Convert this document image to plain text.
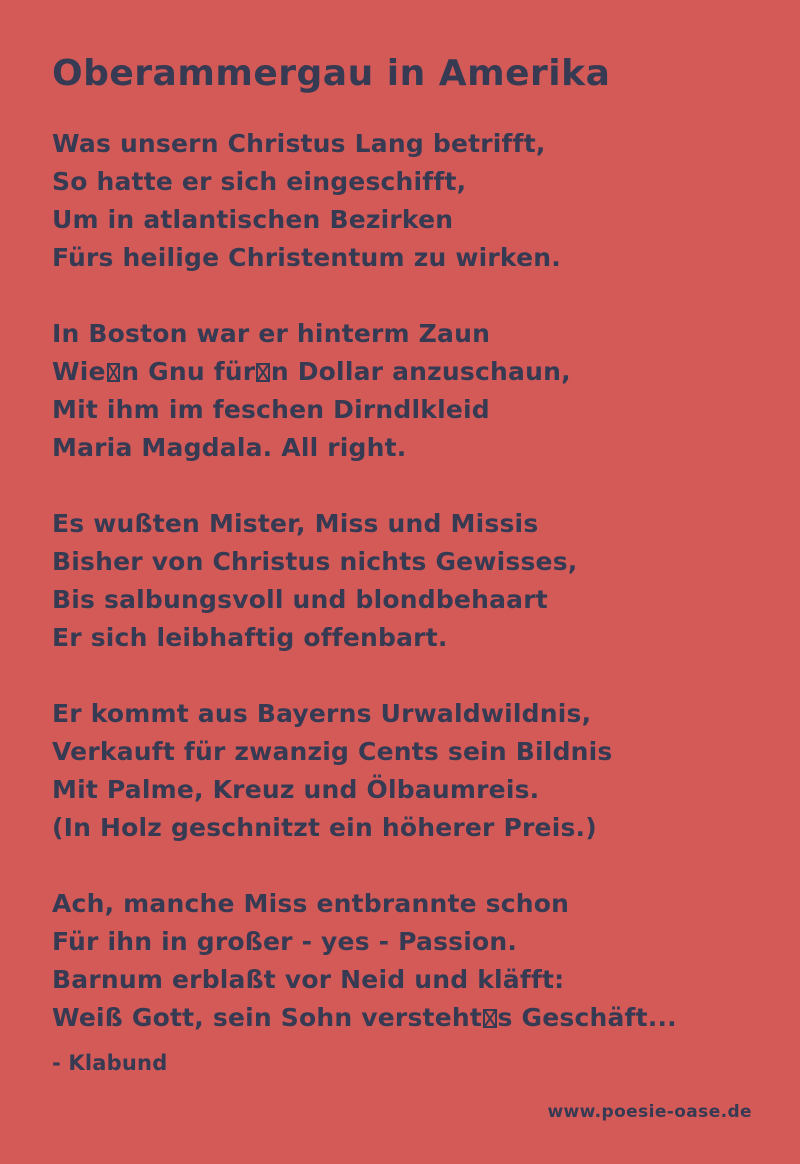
Oberammergau in Amerika
Was unsern Christus Lang betrifft,
So hatte er sich eingeschifft,
Um in atlantischen Bezirken
Fürs heilige Christentum zu wirken.
In Boston war er hinterm Zaun
Wie n Gnu für n Dollar anzuschaun,
Mit ihm im feschen Dirndlkleid
Maria Magdala. All right.
Es wußten Mister, Miss und Missis
Bisher von Christus nichts Gewisses,
Bis salbungsvoll und blondbehaart
Er sich leibhaftig offenbart.
Er kommt aus Bayerns Urwaldwildnis,
Verkauft für zwanzig Cents sein Bildnis
Mit Palme, Kreuz und Ölbaumreis.
(In Holz geschnitzt ein höherer Preis.)
Ach, manche Miss entbrannte schon
Für ihn in großer - yes - Passion.
Barnum erblaßt vor Neid und kläfft:
Weiß Gott, sein Sohn versteht s Geschäft...
- Klabund
www.poesie-oase.de
